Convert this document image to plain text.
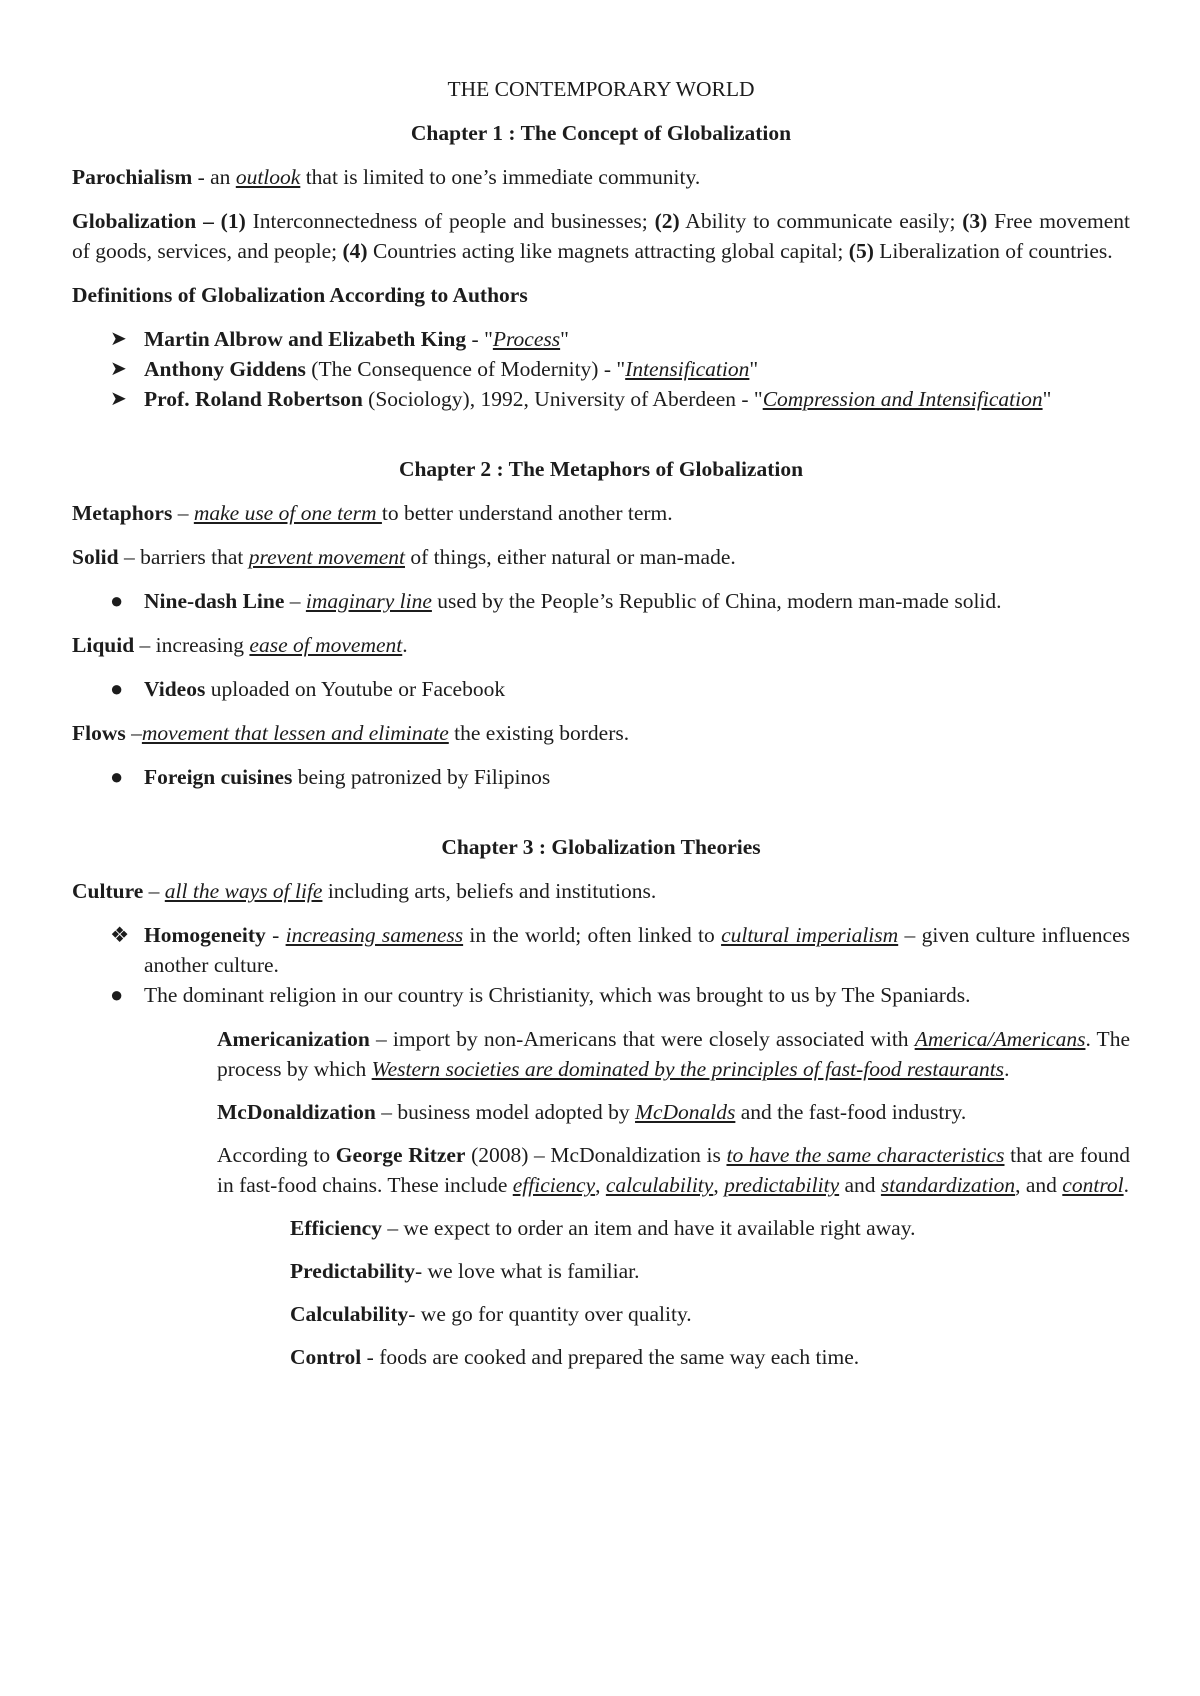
THE CONTEMPORARY WORLD

Chapter 1 : The Concept of Globalization

Parochialism - an outlook that is limited to one’s immediate community.

Globalization – (1) Interconnectedness of people and businesses; (2) Ability to communicate easily; (3) Free movement of goods, services, and people; (4) Countries acting like magnets attracting global capital; (5) Liberalization of countries.

Definitions of Globalization According to Authors

➤ Martin Albrow and Elizabeth King - "Process"
➤ Anthony Giddens (The Consequence of Modernity) - "Intensification"
➤ Prof. Roland Robertson (Sociology), 1992, University of Aberdeen - "Compression and Intensification"

Chapter 2 : The Metaphors of Globalization

Metaphors – make use of one term to better understand another term.

Solid – barriers that prevent movement of things, either natural or man-made.

● Nine-dash Line – imaginary line used by the People’s Republic of China, modern man-made solid.

Liquid – increasing ease of movement.

● Videos uploaded on Youtube or Facebook

Flows –movement that lessen and eliminate the existing borders.

● Foreign cuisines being patronized by Filipinos

Chapter 3 : Globalization Theories

Culture – all the ways of life including arts, beliefs and institutions.

❖ Homogeneity - increasing sameness in the world; often linked to cultural imperialism – given culture influences another culture.
● The dominant religion in our country is Christianity, which was brought to us by The Spaniards.

Americanization – import by non-Americans that were closely associated with America/Americans. The process by which Western societies are dominated by the principles of fast-food restaurants.

McDonaldization – business model adopted by McDonalds and the fast-food industry.

According to George Ritzer (2008) – McDonaldization is to have the same characteristics that are found in fast-food chains. These include efficiency, calculability, predictability and standardization, and control.

Efficiency – we expect to order an item and have it available right away.

Predictability- we love what is familiar.

Calculability- we go for quantity over quality.

Control - foods are cooked and prepared the same way each time.
